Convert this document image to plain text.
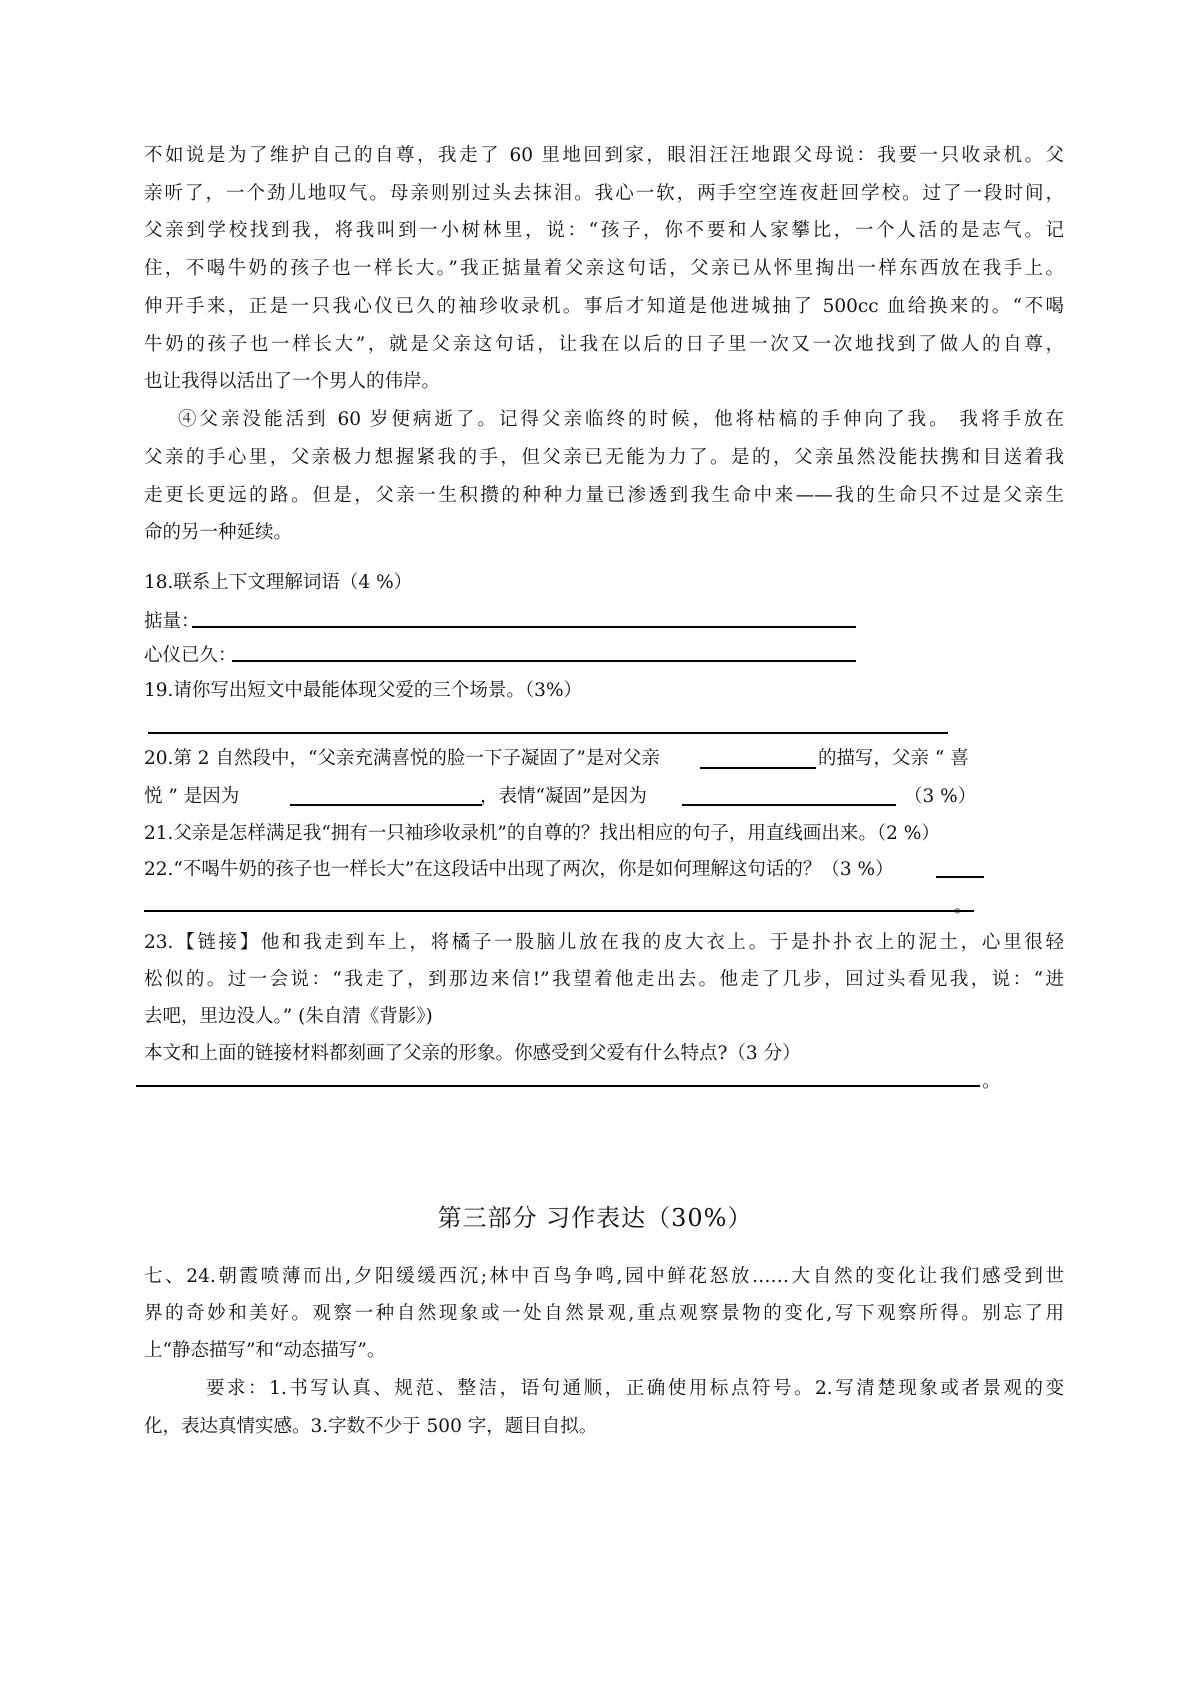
不如说是为了维护自己的自尊，我走了 60 里地回到家，眼泪汪汪地跟父母说：我要一只收录机。父
亲听了，一个劲儿地叹气。母亲则别过头去抹泪。我心一软，两手空空连夜赶回学校。过了一段时间，
父亲到学校找到我，将我叫到一小树林里，说：“孩子，你不要和人家攀比，一个人活的是志气。记
住，不喝牛奶的孩子也一样长大。”我正掂量着父亲这句话，父亲已从怀里掏出一样东西放在我手上。
伸开手来，正是一只我心仪已久的袖珍收录机。事后才知道是他进城抽了 500cc 血给换来的。“不喝
牛奶的孩子也一样长大”，就是父亲这句话，让我在以后的日子里一次又一次地找到了做人的自尊，
也让我得以活出了一个男人的伟岸。
④父亲没能活到 60 岁便病逝了。记得父亲临终的时候，他将枯槁的手伸向了我。 我将手放在
父亲的手心里，父亲极力想握紧我的手，但父亲已无能为力了。是的，父亲虽然没能扶携和目送着我
走更长更远的路。但是，父亲一生积攒的种种力量已渗透到我生命中来——我的生命只不过是父亲生
命的另一种延续。
18.联系上下文理解词语（4 %）
掂量：
心仪已久：
19.请你写出短文中最能体现父爱的三个场景。（3%）
20.第 2 自然段中，“父亲充满喜悦的脸一下子凝固了”是对父亲	的描写，父亲 “ 喜
悦 ” 是因为	，表情“凝固”是因为	（3 %）
21.父亲是怎样满足我“拥有一只袖珍收录机”的自尊的？找出相应的句子，用直线画出来。（2 %）
22.“不喝牛奶的孩子也一样长大”在这段话中出现了两次，你是如何理解这句话的？（3 %）
。
23.【链接】他和我走到车上，将橘子一股脑儿放在我的皮大衣上。于是扑扑衣上的泥土，心里很轻
松似的。过一会说：“我走了，到那边来信!”我望着他走出去。他走了几步，回过头看见我，说：“进
去吧，里边没人。” (朱自清《背影》)
本文和上面的链接材料都刻画了父亲的形象。你感受到父爱有什么特点?（3 分）
。
第三部分 习作表达（30%）
七、24.朝霞喷薄而出,夕阳缓缓西沉;林中百鸟争鸣,园中鲜花怒放……大自然的变化让我们感受到世
界的奇妙和美好。观察一种自然现象或一处自然景观,重点观察景物的变化,写下观察所得。别忘了用
上“静态描写”和“动态描写”。
要求：1.书写认真、规范、整洁，语句通顺，正确使用标点符号。2.写清楚现象或者景观的变
化，表达真情实感。3.字数不少于 500 字，题目自拟。
